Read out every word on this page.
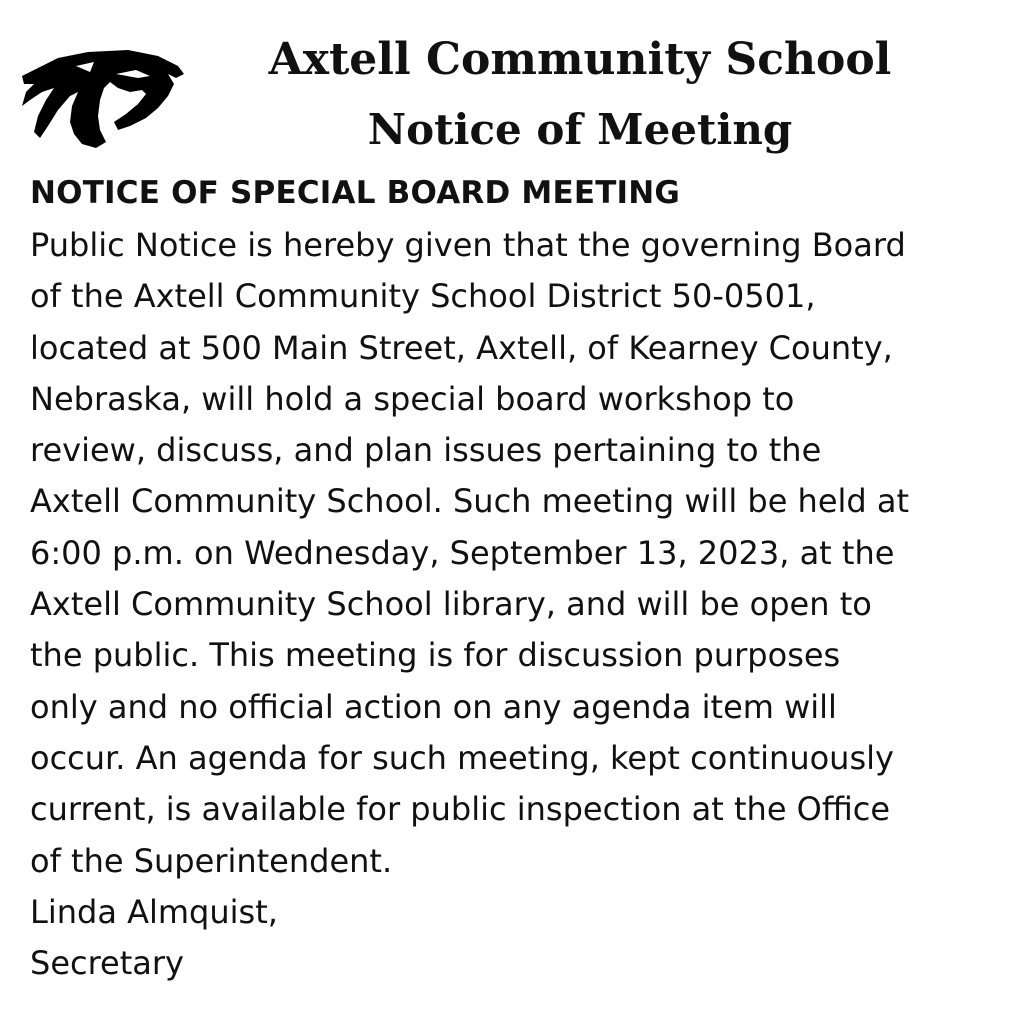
Axtell Community School
Notice of Meeting
NOTICE OF SPECIAL BOARD MEETING

Public Notice is hereby given that the governing Board
of the Axtell Community School District 50-0501,
located at 500 Main Street, Axtell, of Kearney County,
Nebraska, will hold a special board workshop to
review, discuss, and plan issues pertaining to the
Axtell Community School. Such meeting will be held at
6:00 p.m. on Wednesday, September 13, 2023, at the
Axtell Community School library, and will be open to
the public. This meeting is for discussion purposes
only and no official action on any agenda item will
occur. An agenda for such meeting, kept continuously
current, is available for public inspection at the Office
of the Superintendent.
Linda Almquist,
Secretary
